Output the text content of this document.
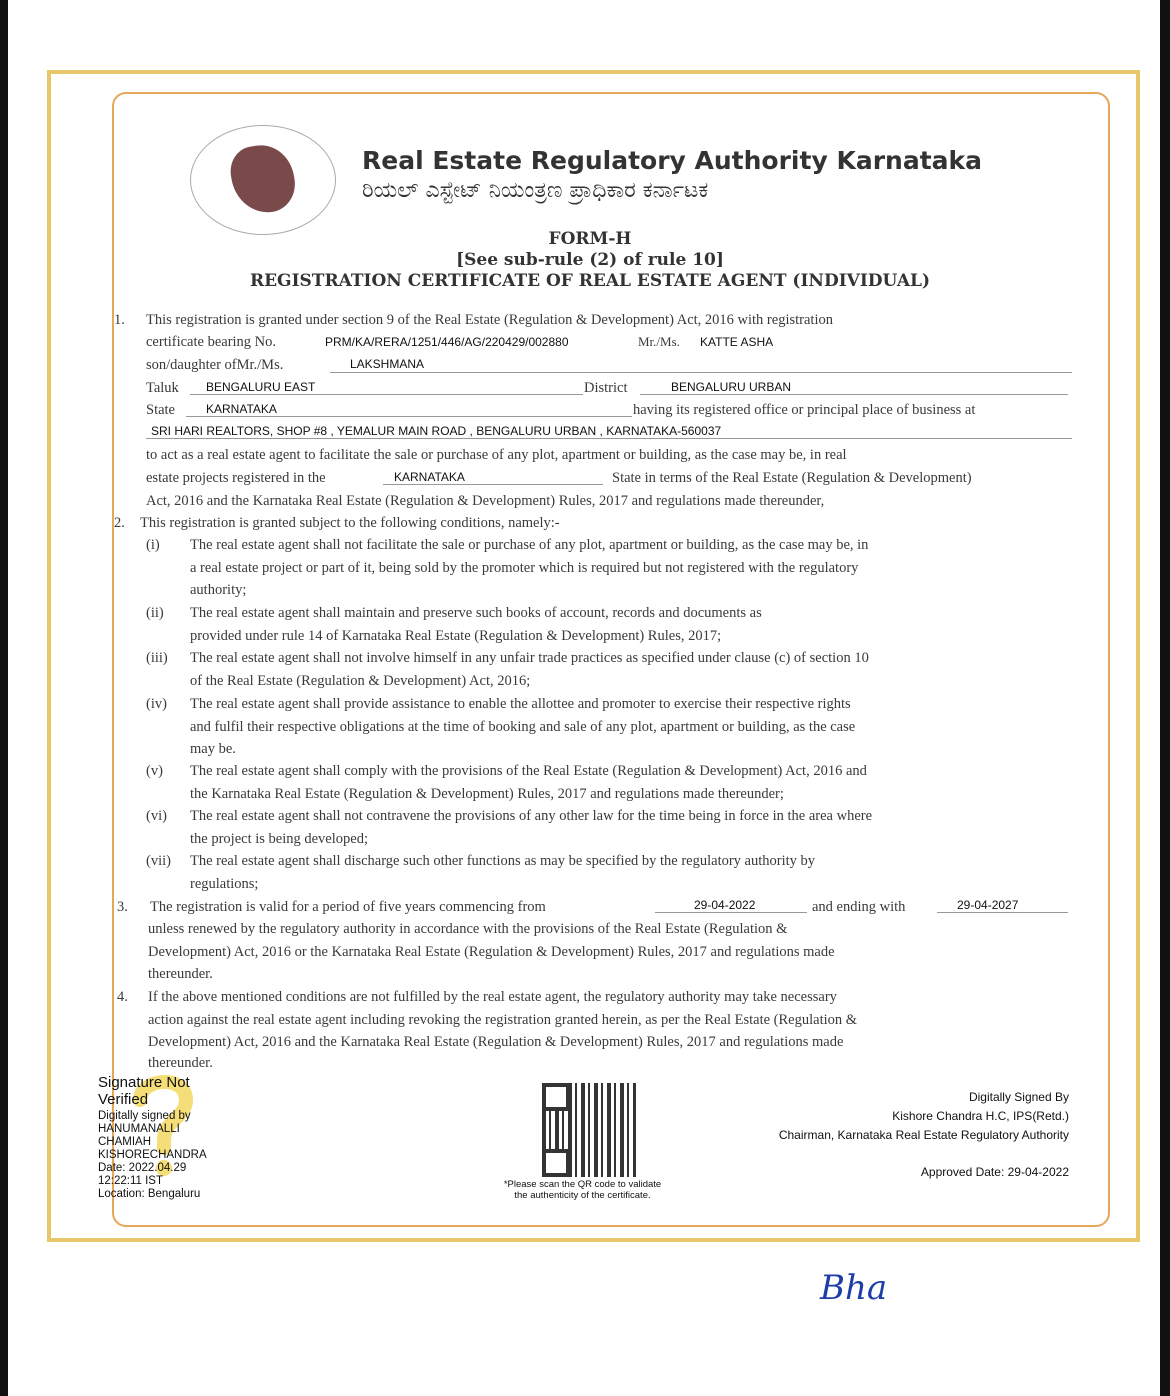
Real Estate Regulatory Authority Karnataka
ರಿಯಲ್ ಎಸ್ಟೇಟ್ ನಿಯಂತ್ರಣ ಪ್ರಾಧಿಕಾರ ಕರ್ನಾಟಕ
FORM-H
[See sub-rule (2) of rule 10]
REGISTRATION CERTIFICATE OF REAL ESTATE AGENT (INDIVIDUAL)
1. This registration is granted under section 9 of the Real Estate (Regulation & Development) Act, 2016 with registration
certificate bearing No.	PRM/KA/RERA/1251/446/AG/220429/002880	Mr./Ms. KATTE ASHA
son/daughter ofMr./Ms.	LAKSHMANA
Taluk BENGALURU EAST	District	BENGALURU URBAN
State	KARNATAKA	having its registered office or principal place of business at
SRI HARI REALTORS, SHOP #8 , YEMALUR MAIN ROAD , BENGALURU URBAN , KARNATAKA-560037
to act as a real estate agent to facilitate the sale or purchase of any plot, apartment or building, as the case may be, in real
estate projects registered in the	KARNATAKA	State in terms of the Real Estate (Regulation & Development)
Act, 2016 and the Karnataka Real Estate (Regulation & Development) Rules, 2017 and regulations made thereunder,
2. This registration is granted subject to the following conditions, namely:-
(i) The real estate agent shall not facilitate the sale or purchase of any plot, apartment or building, as the case may be, in
a real estate project or part of it, being sold by the promoter which is required but not registered with the regulatory
authority;
(ii) The real estate agent shall maintain and preserve such books of account, records and documents as
provided under rule 14 of Karnataka Real Estate (Regulation & Development) Rules, 2017;
(iii) The real estate agent shall not involve himself in any unfair trade practices as specified under clause (c) of section 10
of the Real Estate (Regulation & Development) Act, 2016;
(iv) The real estate agent shall provide assistance to enable the allottee and promoter to exercise their respective rights
and fulfil their respective obligations at the time of booking and sale of any plot, apartment or building, as the case
may be.
(v) The real estate agent shall comply with the provisions of the Real Estate (Regulation & Development) Act, 2016 and
the Karnataka Real Estate (Regulation & Development) Rules, 2017 and regulations made thereunder;
(vi) The real estate agent shall not contravene the provisions of any other law for the time being in force in the area where
the project is being developed;
(vii) The real estate agent shall discharge such other functions as may be specified by the regulatory authority by
regulations;
3. The registration is valid for a period of five years commencing from	29-04-2022	and ending with	29-04-2027
unless renewed by the regulatory authority in accordance with the provisions of the Real Estate (Regulation &
Development) Act, 2016 or the Karnataka Real Estate (Regulation & Development) Rules, 2017 and regulations made
thereunder.
4. If the above mentioned conditions are not fulfilled by the real estate agent, the regulatory authority may take necessary
action against the real estate agent including revoking the registration granted herein, as per the Real Estate (Regulation &
Development) Act, 2016 and the Karnataka Real Estate (Regulation & Development) Rules, 2017 and regulations made
thereunder.
Signature Not
Verified
Digitally signed by
HANUMANALLI
CHAMIAH
KISHORECHANDRA
Date: 2022.04.29
12:22:11 IST
Location: Bengaluru
*Please scan the QR code to validate
the authenticity of the certificate.
Digitally Signed By
Kishore Chandra H.C, IPS(Retd.)
Chairman, Karnataka Real Estate Regulatory Authority
Approved Date: 29-04-2022
Bha
